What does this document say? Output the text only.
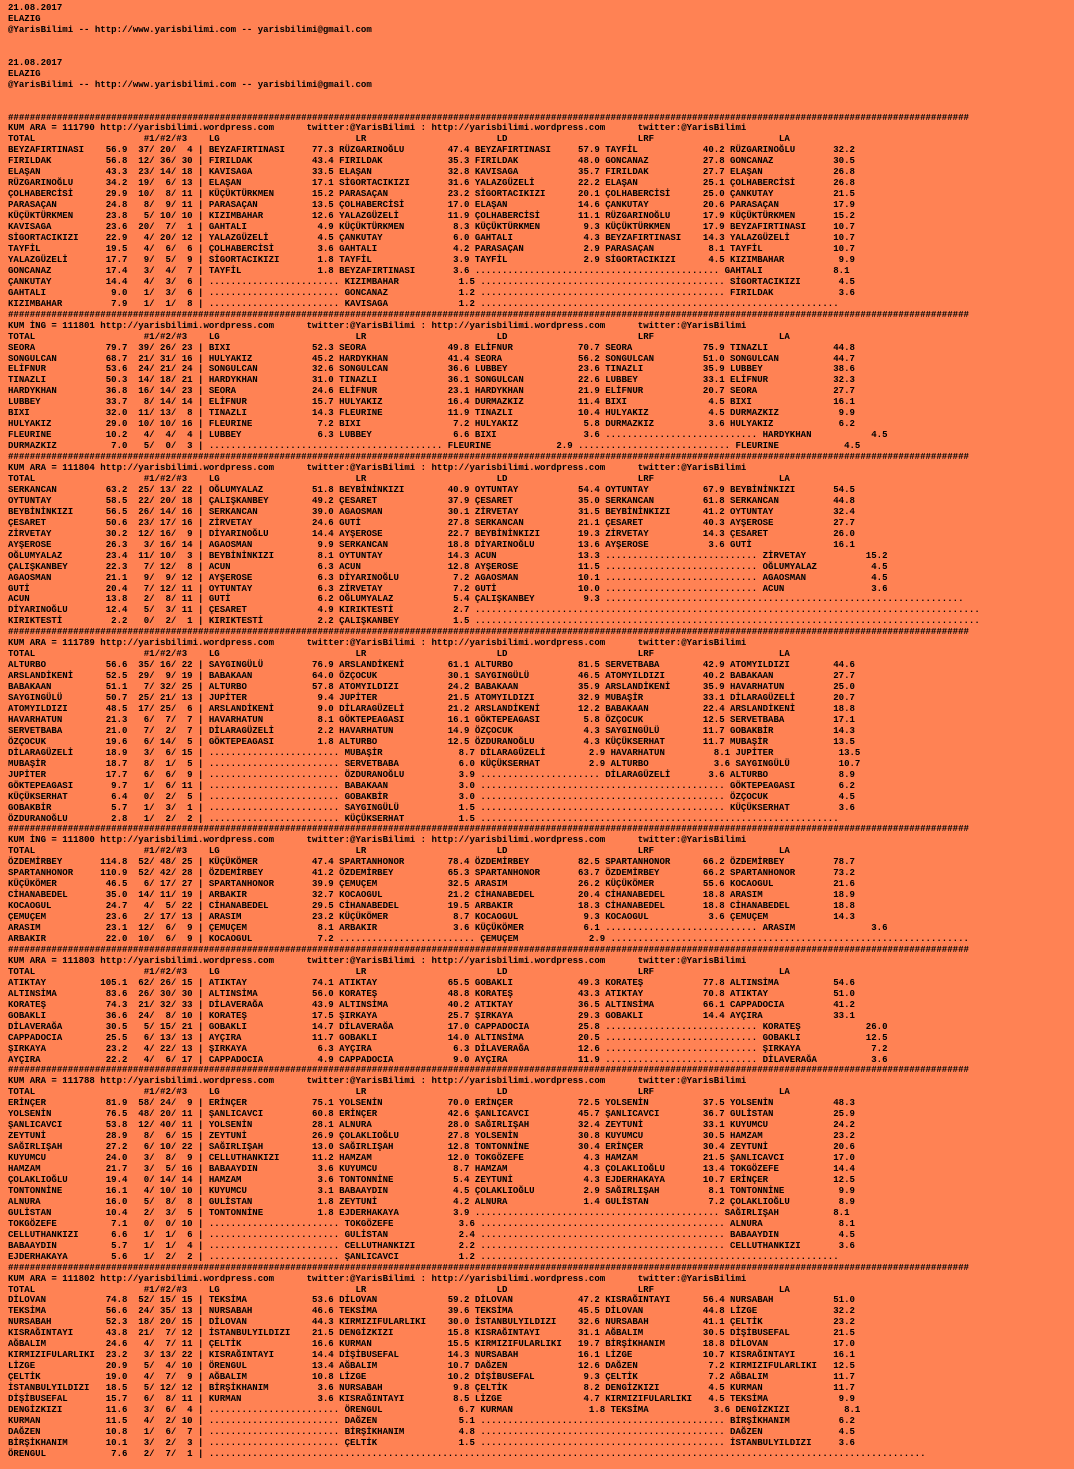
21.08.2017
ELAZIG
@YarisBilimi -- http://www.yarisbilimi.com -- yarisbilimi@gmail.com

21.08.2017
ELAZIG
@YarisBilimi -- http://www.yarisbilimi.com -- yarisbilimi@gmail.com

#################################################################################################################################################################################
KUM ARA = 111790 http://yarisbilimi.wordpress.com      twitter:@YarisBilimi : http://yarisbilimi.wordpress.com      twitter:@YarisBilimi
TOTAL                    #1/#2/#3    LG                         LR                        LD                        LRF                       LA
BEYZAFIRTINASI    56.9  37/ 20/  4 | BEYZAFIRTINASI     77.3 RÜZGARINOĞLU        47.4 BEYZAFIRTINASI     57.9 TAYFİL            40.2 RÜZGARINOĞLU       32.2
FIRILDAK          56.8  12/ 36/ 30 | FIRILDAK           43.4 FIRILDAK            35.3 FIRILDAK           48.0 GONCANAZ          27.8 GONCANAZ           30.5
ELAŞAN            43.3  23/ 14/ 18 | KAVISAGA           33.5 ELAŞAN              32.8 KAVISAGA           35.7 FIRILDAK          27.7 ELAŞAN             26.8
RÜZGARINOĞLU      34.2  19/  6/ 13 | ELAŞAN             17.1 SİGORTACIKIZI       31.6 YALAZGÜZELİ        22.2 ELAŞAN            25.1 ÇOLHABERCİSİ       26.8
ÇOLHABERCİSİ      29.9  10/  8/ 11 | KÜÇÜKTÜRKMEN       15.2 PARASAÇAN           23.2 SİGORTACIKIZI      20.1 ÇOLHABERCİSİ      25.0 ÇANKUTAY           21.5
PARASAÇAN         24.8   8/  9/ 11 | PARASAÇAN          13.5 ÇOLHABERCİSİ        17.0 ELAŞAN             14.6 ÇANKUTAY          20.6 PARASAÇAN          17.9
KÜÇÜKTÜRKMEN      23.8   5/ 10/ 10 | KIZIMBAHAR         12.6 YALAZGÜZELİ         11.9 ÇOLHABERCİSİ       11.1 RÜZGARINOĞLU      17.9 KÜÇÜKTÜRKMEN       15.2
KAVISAGA          23.6  20/  7/  1 | GAHTALI             4.9 KÜÇÜKTÜRKMEN         8.3 KÜÇÜKTÜRKMEN        9.3 KÜÇÜKTÜRKMEN      17.9 BEYZAFIRTINASI     10.7
SİGORTACIKIZI     22.9   4/ 20/ 12 | YALAZGÜZELİ         4.5 ÇANKUTAY             6.0 GAHTALI             4.3 BEYZAFIRTINASI    14.3 YALAZGÜZELİ        10.7
TAYFİL            19.5   4/  6/  6 | ÇOLHABERCİSİ        3.6 GAHTALI              4.2 PARASAÇAN           2.9 PARASAÇAN          8.1 TAYFİL             10.7
YALAZGÜZELİ       17.7   9/  5/  9 | SİGORTACIKIZI       1.8 TAYFİL               3.9 TAYFİL              2.9 SİGORTACIKIZI      4.5 KIZIMBAHAR          9.9
GONCANAZ          17.4   3/  4/  7 | TAYFİL              1.8 BEYZAFIRTINASI       3.6 ............................................. GAHTALI             8.1
ÇANKUTAY          14.4   4/  3/  6 | ........................ KIZIMBAHAR           1.5 ............................................. SİGORTACIKIZI       4.5
GAHTALI            9.0   1/  3/  6 | ........................ GONCANAZ             1.2 ............................................. FIRILDAK            3.6
KIZIMBAHAR         7.9   1/  1/  8 | ........................ KAVISAGA             1.2 ..................................................................
#################################################################################################################################################################################
KUM İNG = 111801 http://yarisbilimi.wordpress.com      twitter:@YarisBilimi : http://yarisbilimi.wordpress.com      twitter:@YarisBilimi
TOTAL                    #1/#2/#3    LG                         LR                        LD                        LRF                       LA
SEORA             79.7  39/ 26/ 23 | BIXI               52.3 SEORA               49.8 ELİFNUR            70.7 SEORA             75.9 TINAZLI            44.8
SONGULCAN         68.7  21/ 31/ 16 | HULYAKIZ           45.2 HARDYKHAN           41.4 SEORA              56.2 SONGULCAN         51.0 SONGULCAN          44.7
ELİFNUR           53.6  24/ 21/ 24 | SONGULCAN          32.6 SONGULCAN           36.6 LUBBEY             23.6 TINAZLI           35.9 LUBBEY             38.6
TINAZLI           50.3  14/ 18/ 21 | HARDYKHAN          31.0 TINAZLI             36.1 SONGULCAN          22.6 LUBBEY            33.1 ELİFNUR            32.3
HARDYKHAN         36.8  16/ 14/ 23 | SEORA              24.6 ELİFNUR             23.1 HARDYKHAN          21.9 ELİFNUR           20.7 SEORA              27.7
LUBBEY            33.7   8/ 14/ 14 | ELİFNUR            15.7 HULYAKIZ            16.4 DURMAZKIZ          11.4 BIXI               4.5 BIXI               16.1
BIXI              32.0  11/ 13/  8 | TINAZLI            14.3 FLEURINE            11.9 TINAZLI            10.4 HULYAKIZ           4.5 DURMAZKIZ           9.9
HULYAKIZ          29.0  10/ 10/ 16 | FLEURINE            7.2 BIXI                 7.2 HULYAKIZ            5.8 DURMAZKIZ          3.6 HULYAKIZ            6.2
FLEURINE          10.2   4/  4/  4 | LUBBEY              6.3 LUBBEY               6.6 BIXI                3.6 ............................ HARDYKHAN           4.5
DURMAZKIZ          7.0   5/  0/  3 | ........................................... FLEURINE            2.9 ............................ FLEURINE            4.5
#################################################################################################################################################################################
KUM ARA = 111804 http://yarisbilimi.wordpress.com      twitter:@YarisBilimi : http://yarisbilimi.wordpress.com      twitter:@YarisBilimi
TOTAL                    #1/#2/#3    LG                         LR                        LD                        LRF                       LA
SERKANCAN         63.2  25/ 13/ 22 | OĞLUMYALAZ         51.8 BEYBİNİNKIZI        40.9 OYTUNTAY           54.4 OYTUNTAY          67.9 BEYBİNİNKIZI       54.5
OYTUNTAY          58.5  22/ 20/ 18 | ÇALIŞKANBEY        49.2 ÇESARET             37.9 ÇESARET            35.0 SERKANCAN         61.8 SERKANCAN          44.8
BEYBİNİNKIZI      56.5  26/ 14/ 16 | SERKANCAN          39.0 AGAOSMAN            30.1 ZİRVETAY           31.5 BEYBİNİNKIZI      41.2 OYTUNTAY           32.4
ÇESARET           50.6  23/ 17/ 16 | ZİRVETAY           24.6 GUTİ                27.8 SERKANCAN          21.1 ÇESARET           40.3 AYŞEROSE           27.7
ZİRVETAY          30.2  12/ 16/  9 | DİYARINOĞLU        14.4 AYŞEROSE            22.7 BEYBİNİNKIZI       19.3 ZİRVETAY          14.3 ÇESARET            26.0
AYŞEROSE          26.3   3/ 16/ 14 | AGAOSMAN            9.9 SERKANCAN           18.8 DİYARINOĞLU        13.6 AYŞEROSE           3.6 GUTİ               16.1
OĞLUMYALAZ        23.4  11/ 10/  3 | BEYBİNİNKIZI        8.1 OYTUNTAY            14.3 ACUN               13.3 ............................ ZİRVETAY           15.2
ÇALIŞKANBEY       22.3   7/ 12/  8 | ACUN                6.3 ACUN                12.8 AYŞEROSE           11.5 ............................ OĞLUMYALAZ          4.5
AGAOSMAN          21.1   9/  9/ 12 | AYŞEROSE            6.3 DİYARINOĞLU          7.2 AGAOSMAN           10.1 ............................ AGAOSMAN            4.5
GUTİ              20.4   7/ 12/ 11 | OYTUNTAY            6.3 ZİRVETAY             7.2 GUTİ               10.0 ............................ ACUN                3.6
ACUN              13.8   2/  8/ 11 | GUTİ                6.2 OĞLUMYALAZ           5.4 ÇALIŞKANBEY         9.3 ..................................................................
DİYARINOĞLU       12.4   5/  3/ 11 | ÇESARET             4.9 KIRIKTESTİ           2.7 .............................................................................................
KIRIKTESTİ         2.2   0/  2/  1 | KIRIKTESTİ          2.2 ÇALIŞKANBEY          1.5 .............................................................................................
#################################################################################################################################################################################
KUM ARA = 111789 http://yarisbilimi.wordpress.com      twitter:@YarisBilimi : http://yarisbilimi.wordpress.com      twitter:@YarisBilimi
TOTAL                    #1/#2/#3    LG                         LR                        LD                        LRF                       LA
ALTURBO           56.6  35/ 16/ 22 | SAYGINGÜLÜ         76.9 ARSLANDİKENİ        61.1 ALTURBO            81.5 SERVETBABA        42.9 ATOMYILDIZI        44.6
ARSLANDİKENİ      52.5  29/  9/ 19 | BABAKAAN           64.0 ÖZÇOCUK             30.1 SAYGINGÜLÜ         46.5 ATOMYILDIZI       40.2 BABAKAAN           27.7
BABAKAAN          51.1   7/ 32/ 25 | ALTURBO            57.8 ATOMYILDIZI         24.2 BABAKAAN           35.9 ARSLANDİKENİ      35.9 HAVARHATUN         25.0
SAYGINGÜLÜ        50.7  25/ 21/ 13 | JUPİTER             9.4 JUPİTER             21.5 ATOMYILDIZI        32.9 MUBAŞİR           33.1 DİLARAGÜZELİ       20.7
ATOMYILDIZI       48.5  17/ 25/  6 | ARSLANDİKENİ        9.0 DİLARAGÜZELİ        21.2 ARSLANDİKENİ       12.2 BABAKAAN          22.4 ARSLANDİKENİ       18.8
HAVARHATUN        21.3   6/  7/  7 | HAVARHATUN          8.1 GÖKTEPEAGASI        16.1 GÖKTEPEAGASI        5.8 ÖZÇOCUK           12.5 SERVETBABA         17.1
SERVETBABA        21.0   7/  2/  7 | DİLARAGÜZELİ        2.2 HAVARHATUN          14.9 ÖZÇOCUK             4.3 SAYGINGÜLÜ        11.7 GOBAKBİR           14.3
ÖZÇOCUK           19.6   6/ 14/  5 | GÖKTEPEAGASI        1.8 ALTURBO             12.5 ÖZDURANOĞLU         4.3 KÜÇÜKSERHAT       11.7 MUBAŞİR            13.5
DİLARAGÜZELİ      18.9   3/  6/ 15 | ........................ MUBAŞİR              8.7 DİLARAGÜZELİ        2.9 HAVARHATUN         8.1 JUPİTER            13.5
MUBAŞİR           18.7   8/  1/  5 | ........................ SERVETBABA           6.0 KÜÇÜKSERHAT         2.9 ALTURBO            3.6 SAYGINGÜLÜ         10.7
JUPİTER           17.7   6/  6/  9 | ........................ ÖZDURANOĞLU          3.9 ...................... DİLARAGÜZELİ       3.6 ALTURBO             8.9
GÖKTEPEAGASI       9.7   1/  6/ 11 | ........................ BABAKAAN             3.0 ............................................. GÖKTEPEAGASI        6.2
KÜÇÜKSERHAT        6.4   0/  2/  5 | ........................ GOBAKBİR             3.0 ............................................. ÖZÇOCUK             4.5
GOBAKBİR           5.7   1/  3/  1 | ........................ SAYGINGÜLÜ           1.5 ............................................. KÜÇÜKSERHAT         3.6
ÖZDURANOĞLU        2.8   1/  2/  2 | ........................ KÜÇÜKSERHAT          1.5 ..................................................................
#################################################################################################################################################################################
KUM İNG = 111800 http://yarisbilimi.wordpress.com      twitter:@YarisBilimi : http://yarisbilimi.wordpress.com      twitter:@YarisBilimi
TOTAL                    #1/#2/#3    LG                         LR                        LD                        LRF                       LA
ÖZDEMİRBEY       114.8  52/ 48/ 25 | KÜÇÜKÖMER          47.4 SPARTANHONOR        78.4 ÖZDEMİRBEY         82.5 SPARTANHONOR      66.2 ÖZDEMİRBEY         78.7
SPARTANHONOR     110.9  52/ 42/ 28 | ÖZDEMİRBEY         41.2 ÖZDEMİRBEY          65.3 SPARTANHONOR       63.7 ÖZDEMİRBEY        66.2 SPARTANHONOR       73.2
KÜÇÜKÖMER         46.5   6/ 17/ 27 | SPARTANHONOR       39.9 ÇEMUÇEM             32.5 ARASIM             26.2 KÜÇÜKÖMER         55.6 KOCAOGUL           21.6
CİHANABEDEL       35.0  14/ 11/ 19 | ARBAKIR            32.7 KOCAOGUL            21.2 CİHANABEDEL        20.4 CİHANABEDEL       18.8 ARASIM             18.9
KOCAOGUL          24.7   4/  5/ 22 | CİHANABEDEL        29.5 CİHANABEDEL         19.5 ARBAKIR            18.3 CİHANABEDEL       18.8 CİHANABEDEL        18.8
ÇEMUÇEM           23.6   2/ 17/ 13 | ARASIM             23.2 KÜÇÜKÖMER            8.7 KOCAOGUL            9.3 KOCAOGUL           3.6 ÇEMUÇEM            14.3
ARASIM            23.1  12/  6/  9 | ÇEMUÇEM             8.1 ARBAKIR              3.6 KÜÇÜKÖMER           6.1 ............................ ARASIM              3.6
ARBAKIR           22.0  10/  6/  9 | KOCAOGUL            7.2 ......................... ÇEMUÇEM             2.9 ..................................................................
#################################################################################################################################################################################
KUM ARA = 111803 http://yarisbilimi.wordpress.com      twitter:@YarisBilimi : http://yarisbilimi.wordpress.com      twitter:@YarisBilimi
TOTAL                    #1/#2/#3    LG                         LR                        LD                        LRF                       LA
ATIKTAY          105.1  62/ 26/ 15 | ATIKTAY            74.1 ATIKTAY             65.5 GOBAKLI            49.3 KORATEŞ           77.8 ALTINSİMA          54.6
ALTINSİMA         83.6  26/ 30/ 30 | ALTINSİMA          56.0 KORATEŞ             48.8 KORATEŞ            43.3 ATIKTAY           70.8 ATIKTAY            51.0
KORATEŞ           74.3  21/ 32/ 33 | DİLAVERAĞA         43.9 ALTINSİMA           40.2 ATIKTAY            36.5 ALTINSİMA         66.1 CAPPADOCIA         41.2
GOBAKLI           36.6  24/  8/ 10 | KORATEŞ            17.5 ŞIRKAYA             25.7 ŞIRKAYA            29.3 GOBAKLI           14.4 AYÇIRA             33.1
DİLAVERAĞA        30.5   5/ 15/ 21 | GOBAKLI            14.7 DİLAVERAĞA          17.0 CAPPADOCIA         25.8 ............................ KORATEŞ            26.0
CAPPADOCIA        25.5   6/ 13/ 13 | AYÇIRA             11.7 GOBAKLI             14.0 ALTINSİMA          20.5 ............................ GOBAKLI            12.5
ŞIRKAYA           23.2   4/ 22/ 13 | ŞIRKAYA             6.3 AYÇIRA               6.3 DİLAVERAĞA         12.6 ............................ ŞIRKAYA             7.2
AYÇIRA            22.2   4/  6/ 17 | CAPPADOCIA          4.9 CAPPADOCIA           9.0 AYÇIRA             11.9 ............................ DİLAVERAĞA          3.6
#################################################################################################################################################################################
KUM ARA = 111788 http://yarisbilimi.wordpress.com      twitter:@YarisBilimi : http://yarisbilimi.wordpress.com      twitter:@YarisBilimi
TOTAL                    #1/#2/#3    LG                         LR                        LD                        LRF                       LA
ERİNÇER           81.9  58/ 24/  9 | ERİNÇER            75.1 YOLSENİN            70.0 ERİNÇER            72.5 YOLSENİN          37.5 YOLSENİN           48.3
YOLSENİN          76.5  48/ 20/ 11 | ŞANLICAVCI         60.8 ERİNÇER             42.6 ŞANLICAVCI         45.7 ŞANLICAVCI        36.7 GULİSTAN           25.9
ŞANLICAVCI        53.8  12/ 40/ 11 | YOLSENİN           28.1 ALNURA              28.0 SAĞIRLIŞAH         32.4 ZEYTUNİ           33.1 KUYUMCU            24.2
ZEYTUNİ           28.9   8/  6/ 15 | ZEYTUNİ            26.9 ÇOLAKLIOĞLU         27.8 YOLSENİN           30.8 KUYUMCU           30.5 HAMZAM             23.2
SAĞIRLIŞAH        27.2   6/ 10/ 22 | SAĞIRLIŞAH         13.0 SAĞIRLIŞAH          12.8 TONTONNİNE         30.4 ERİNÇER           30.4 ZEYTUNİ            20.6
KUYUMCU           24.0   3/  8/  9 | CELLUTHANKIZI      11.2 HAMZAM              12.0 TOKGÖZEFE           4.3 HAMZAM            21.5 ŞANLICAVCI         17.0
HAMZAM            21.7   3/  5/ 16 | BABAAYDIN           3.6 KUYUMCU              8.7 HAMZAM              4.3 ÇOLAKLIOĞLU       13.4 TOKGÖZEFE          14.4
ÇOLAKLIOĞLU       19.4   0/ 14/ 14 | HAMZAM              3.6 TONTONNİNE           5.4 ZEYTUNİ             4.3 EJDERHAKAYA       10.7 ERİNÇER            12.5
TONTONNİNE        16.1   4/ 10/ 10 | KUYUMCU             3.1 BABAAYDIN            4.5 ÇOLAKLIOĞLU         2.9 SAĞIRLIŞAH         8.1 TONTONNİNE          9.9
ALNURA            16.0   5/  8/  8 | GULİSTAN            1.8 ZEYTUNİ              4.2 ALNURA              1.4 GULİSTAN           7.2 ÇOLAKLIOĞLU         8.9
GULİSTAN          10.4   2/  3/  5 | TONTONNİNE          1.8 EJDERHAKAYA          3.9 ............................................. SAĞIRLIŞAH          8.1
TOKGÖZEFE          7.1   0/  0/ 10 | ........................ TOKGÖZEFE            3.6 ............................................. ALNURA              8.1
CELLUTHANKIZI      6.6   1/  1/  6 | ........................ GULİSTAN             2.4 ............................................. BABAAYDIN           4.5
BABAAYDIN          5.7   1/  1/  4 | ........................ CELLUTHANKIZI        2.2 ............................................. CELLUTHANKIZI       3.6
EJDERHAKAYA        5.6   1/  2/  2 | ........................ ŞANLICAVCI           1.2 ..................................................................
#################################################################################################################################################################################
KUM ARA = 111802 http://yarisbilimi.wordpress.com      twitter:@YarisBilimi : http://yarisbilimi.wordpress.com      twitter:@YarisBilimi
TOTAL                    #1/#2/#3    LG                         LR                        LD                        LRF                       LA
DİLOVAN           74.8  52/ 15/ 15 | TEKSİMA            53.6 DİLOVAN             59.2 DİLOVAN            47.2 KISRAĞINTAYI      56.4 NURSABAH           51.0
TEKSİMA           56.6  24/ 35/ 13 | NURSABAH           46.6 TEKSİMA             39.6 TEKSİMA            45.5 DİLOVAN           44.8 LİZGE              32.2
NURSABAH          52.3  18/ 20/ 15 | DİLOVAN            44.3 KIRMIZIFULARLIKI    30.0 İSTANBULYILDIZI    32.6 NURSABAH          41.1 ÇELTİK             23.2
KISRAĞINTAYI      43.8  21/  7/ 12 | İSTANBULYILDIZI    21.5 DENGİZKIZI          15.8 KISRAĞINTAYI       31.1 AĞBALIM           30.5 DİŞİBUSEFAL        21.5
AĞBALIM           24.6   4/  7/ 11 | ÇELTİK             16.6 KURMAN              15.5 KIRMIZIFULARLIKI   19.7 BİRŞİKHANIM       18.8 DİLOVAN            17.0
KIRMIZIFULARLIKI  23.2   3/ 13/ 22 | KISRAĞINTAYI       14.4 DİŞİBUSEFAL         14.3 NURSABAH           16.1 LİZGE             10.7 KISRAĞINTAYI       16.1
LİZGE             20.9   5/  4/ 10 | ÖRENGUL            13.4 AĞBALIM             10.7 DAĞZEN             12.6 DAĞZEN             7.2 KIRMIZIFULARLIKI   12.5
ÇELTİK            19.0   4/  7/  9 | AĞBALIM            10.8 LİZGE               10.2 DİŞİBUSEFAL         9.3 ÇELTİK             7.2 AĞBALIM            11.7
İSTANBULYILDIZI   18.5   5/ 12/ 12 | BİRŞİKHANIM         3.6 NURSABAH             9.8 ÇELTİK              8.2 DENGİZKIZI         4.5 KURMAN             11.7
DİŞİBUSEFAL       15.7   6/  8/ 11 | KURMAN              3.6 KISRAĞINTAYI         8.5 LİZGE               4.7 KIRMIZIFULARLIKI   4.5 TEKSİMA             9.9
DENGİZKIZI        11.6   3/  6/  4 | ........................ ÖRENGUL              6.7 KURMAN              1.8 TEKSİMA            3.6 DENGİZKIZI          8.1
KURMAN            11.5   4/  2/ 10 | ........................ DAĞZEN               5.1 ............................................. BİRŞİKHANIM         6.2
DAĞZEN            10.8   1/  6/  7 | ........................ BİRŞİKHANIM          4.8 ............................................. DAĞZEN              4.5
BİRŞİKHANIM       10.1   3/  2/  3 | ........................ ÇELTİK               1.5 ............................................. İSTANBULYILDIZI     3.6
ÖRENGUL            7.6   2/  7/  1 | ....................................................................................................................................
